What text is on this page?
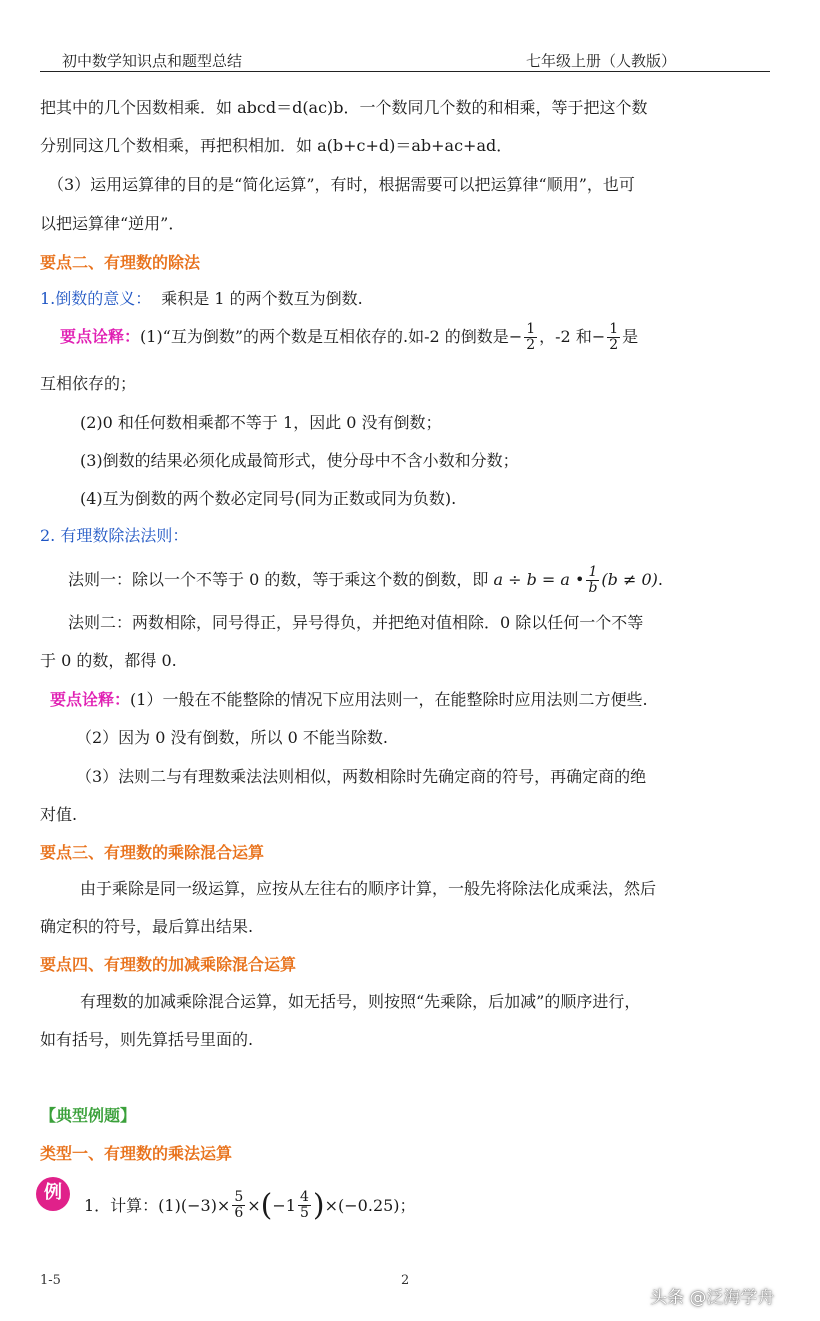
初中数学知识点和题型总结	七年级上册（人教版）
把其中的几个因数相乘．如 abcd＝d(ac)b．一个数同几个数的和相乘，等于把这个数
分别同这几个数相乘，再把积相加．如 a(b+c+d)＝ab+ac+ad．
（3）运用运算律的目的是“简化运算”，有时，根据需要可以把运算律“顺用”，也可
以把运算律“逆用”．
要点二、有理数的除法
1.倒数的意义： 乘积是 1 的两个数互为倒数.
要点诠释：(1)“互为倒数”的两个数是互相依存的.如-2 的倒数是− $\frac{1}{2}$ ，-2 和− $\frac{1}{2}$ 是
互相依存的；
(2)0 和任何数相乘都不等于 1，因此 0 没有倒数；
(3)倒数的结果必须化成最简形式，使分母中不含小数和分数；
(4)互为倒数的两个数必定同号(同为正数或同为负数).
2. 有理数除法法则：
法则一：除以一个不等于 0 的数，等于乘这个数的倒数，即 a ÷ b = a • $\frac{1}{b} (b \ne 0)$.
法则二：两数相除，同号得正，异号得负，并把绝对值相除．0 除以任何一个不等
于 0 的数，都得 0.
要点诠释：(1）一般在不能整除的情况下应用法则一，在能整除时应用法则二方便些.
（2）因为 0 没有倒数，所以 0 不能当除数.
（3）法则二与有理数乘法法则相似，两数相除时先确定商的符号，再确定商的绝
对值.
要点三、有理数的乘除混合运算
由于乘除是同一级运算，应按从左往右的顺序计算，一般先将除法化成乘法，然后
确定积的符号，最后算出结果.
要点四、有理数的加减乘除混合运算
有理数的加减乘除混合运算，如无括号，则按照“先乘除，后加减”的顺序进行，
如有括号，则先算括号里面的.
【典型例题】
类型一、有理数的乘法运算
例
1．计算：(1) $(-3)\times \frac{5}{6}$ × ( $-1 \frac{4}{5}$ ) ×(−0.25) ；
1-5	2
头条 @泛海学舟
